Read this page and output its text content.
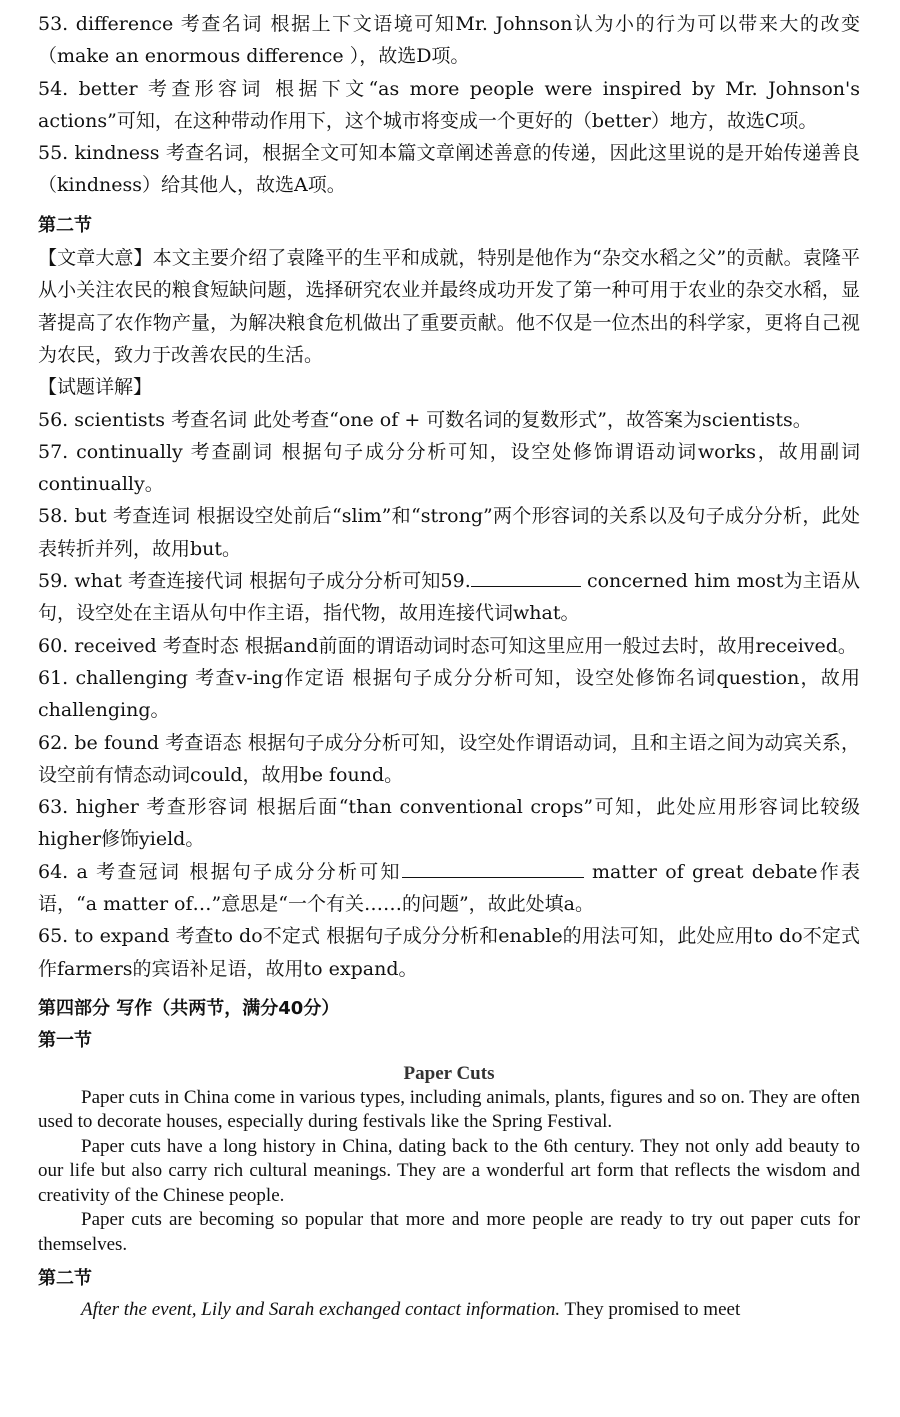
53. difference 考查名词 根据上下文语境可知Mr. Johnson认为小的行为可以带来大的改变（make an enormous difference ），故选D项。

54. better 考查形容词 根据下文“as more people were inspired by Mr. Johnson's actions”可知，在这种带动作用下，这个城市将变成一个更好的（better）地方，故选C项。

55. kindness 考查名词，根据全文可知本篇文章阐述善意的传递，因此这里说的是开始传递善良（kindness）给其他人，故选A项。

第二节

【文章大意】本文主要介绍了袁隆平的生平和成就，特别是他作为“杂交水稻之父”的贡献。袁隆平从小关注农民的粮食短缺问题，选择研究农业并最终成功开发了第一种可用于农业的杂交水稻，显著提高了农作物产量，为解决粮食危机做出了重要贡献。他不仅是一位杰出的科学家，更将自己视为农民，致力于改善农民的生活。

【试题详解】

56. scientists 考查名词 此处考查“one of + 可数名词的复数形式”，故答案为scientists。

57. continually 考查副词 根据句子成分分析可知，设空处修饰谓语动词works，故用副词continually。

58. but 考查连词 根据设空处前后“slim”和“strong”两个形容词的关系以及句子成分分析，此处表转折并列，故用but。

59. what 考查连接代词 根据句子成分分析可知59.	concerned him most为主语从句，设空处在主语从句中作主语，指代物，故用连接代词what。

60. received 考查时态 根据and前面的谓语动词时态可知这里应用一般过去时，故用received。

61. challenging 考查v-ing作定语 根据句子成分分析可知，设空处修饰名词question，故用challenging。

62. be found 考查语态 根据句子成分分析可知，设空处作谓语动词，且和主语之间为动宾关系，设空前有情态动词could，故用be found。

63. higher 考查形容词 根据后面“than conventional crops”可知，此处应用形容词比较级higher修饰yield。

64. a 考查冠词 根据句子成分分析可知	matter of great debate作表语，“a matter of…”意思是“一个有关……的问题”，故此处填a。

65. to expand 考查to do不定式 根据句子成分分析和enable的用法可知，此处应用to do不定式作farmers的宾语补足语，故用to expand。

第四部分 写作（共两节，满分40分）

第一节

Paper Cuts

Paper cuts in China come in various types, including animals, plants, figures and so on. They are often used to decorate houses, especially during festivals like the Spring Festival.

Paper cuts have a long history in China, dating back to the 6th century. They not only add beauty to our life but also carry rich cultural meanings. They are a wonderful art form that reflects the wisdom and creativity of the Chinese people.

Paper cuts are becoming so popular that more and more people are ready to try out paper cuts for themselves.

第二节

After the event, Lily and Sarah exchanged contact information. They promised to meet
